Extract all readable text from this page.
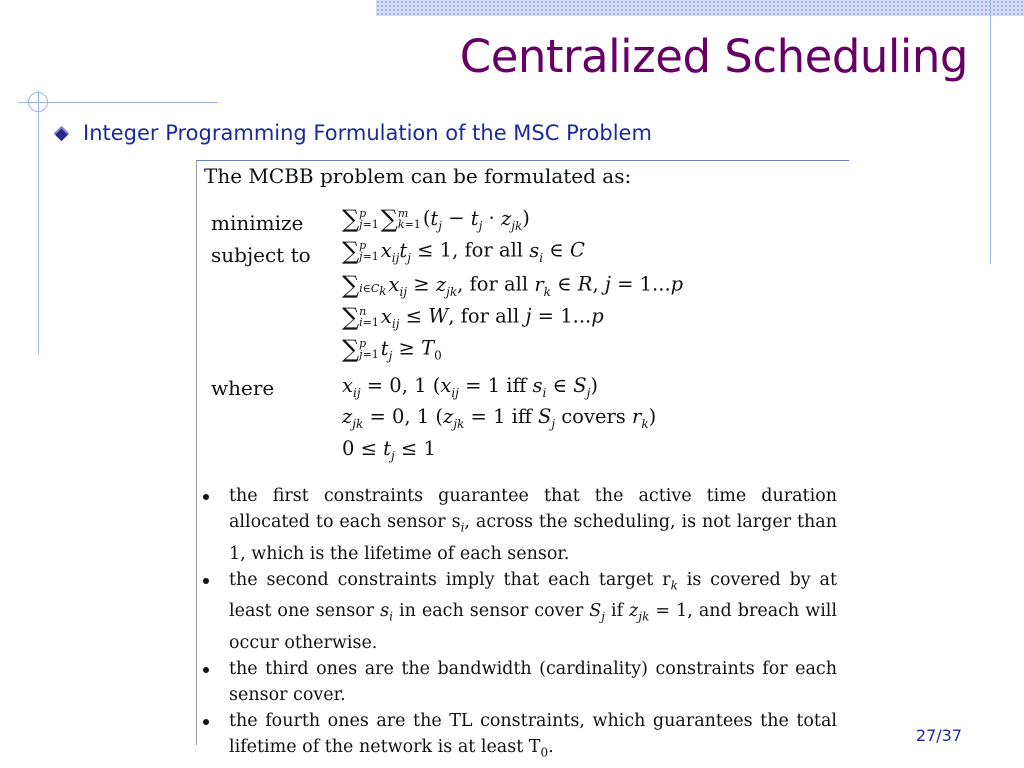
Centralized Scheduling
Integer Programming Formulation of the MSC Problem
The MCBB problem can be formulated as:
minimize ∑p
j=1∑m
k=1 $(t_j - t_j \cdot z_{jk})$
subject to ∑p
j=1 $x_{ij}t_j \le 1$, for all $s_i$ ∈ C
∑
$i\in C_k$ $x_{ij} \ge z_{jk}$, for all $r_k$ ∈ R, j = 1...p
∑n
i=1 $x_{ij} \le W$, for all j = 1...p
∑p
j=1 $t_j \ge T_0$
where	$x_{ij} = 0$, 1 ($x_{ij} = 1$ iff $s_i$ ∈ $S_j$)
$z_{jk} = 0$, 1 ($z_{jk} = 1$ iff $S_j$ covers $r_k$)
$0 \le t_j \le 1$
the first constraints guarantee that the active time duration allocated to each sensor $s_i$, across the scheduling, is not larger than 1, which is the lifetime of each sensor.
the second constraints imply that each target $r_k$ is covered by at least one sensor $s_i$ in each sensor cover $S_j$ if $z_{jk} = 1$, and breach will occur otherwise.
the third ones are the bandwidth (cardinality) constraints for each sensor cover.
the fourth ones are the TL constraints, which guarantees the total lifetime of the network is at least $T_0$.
27/37
